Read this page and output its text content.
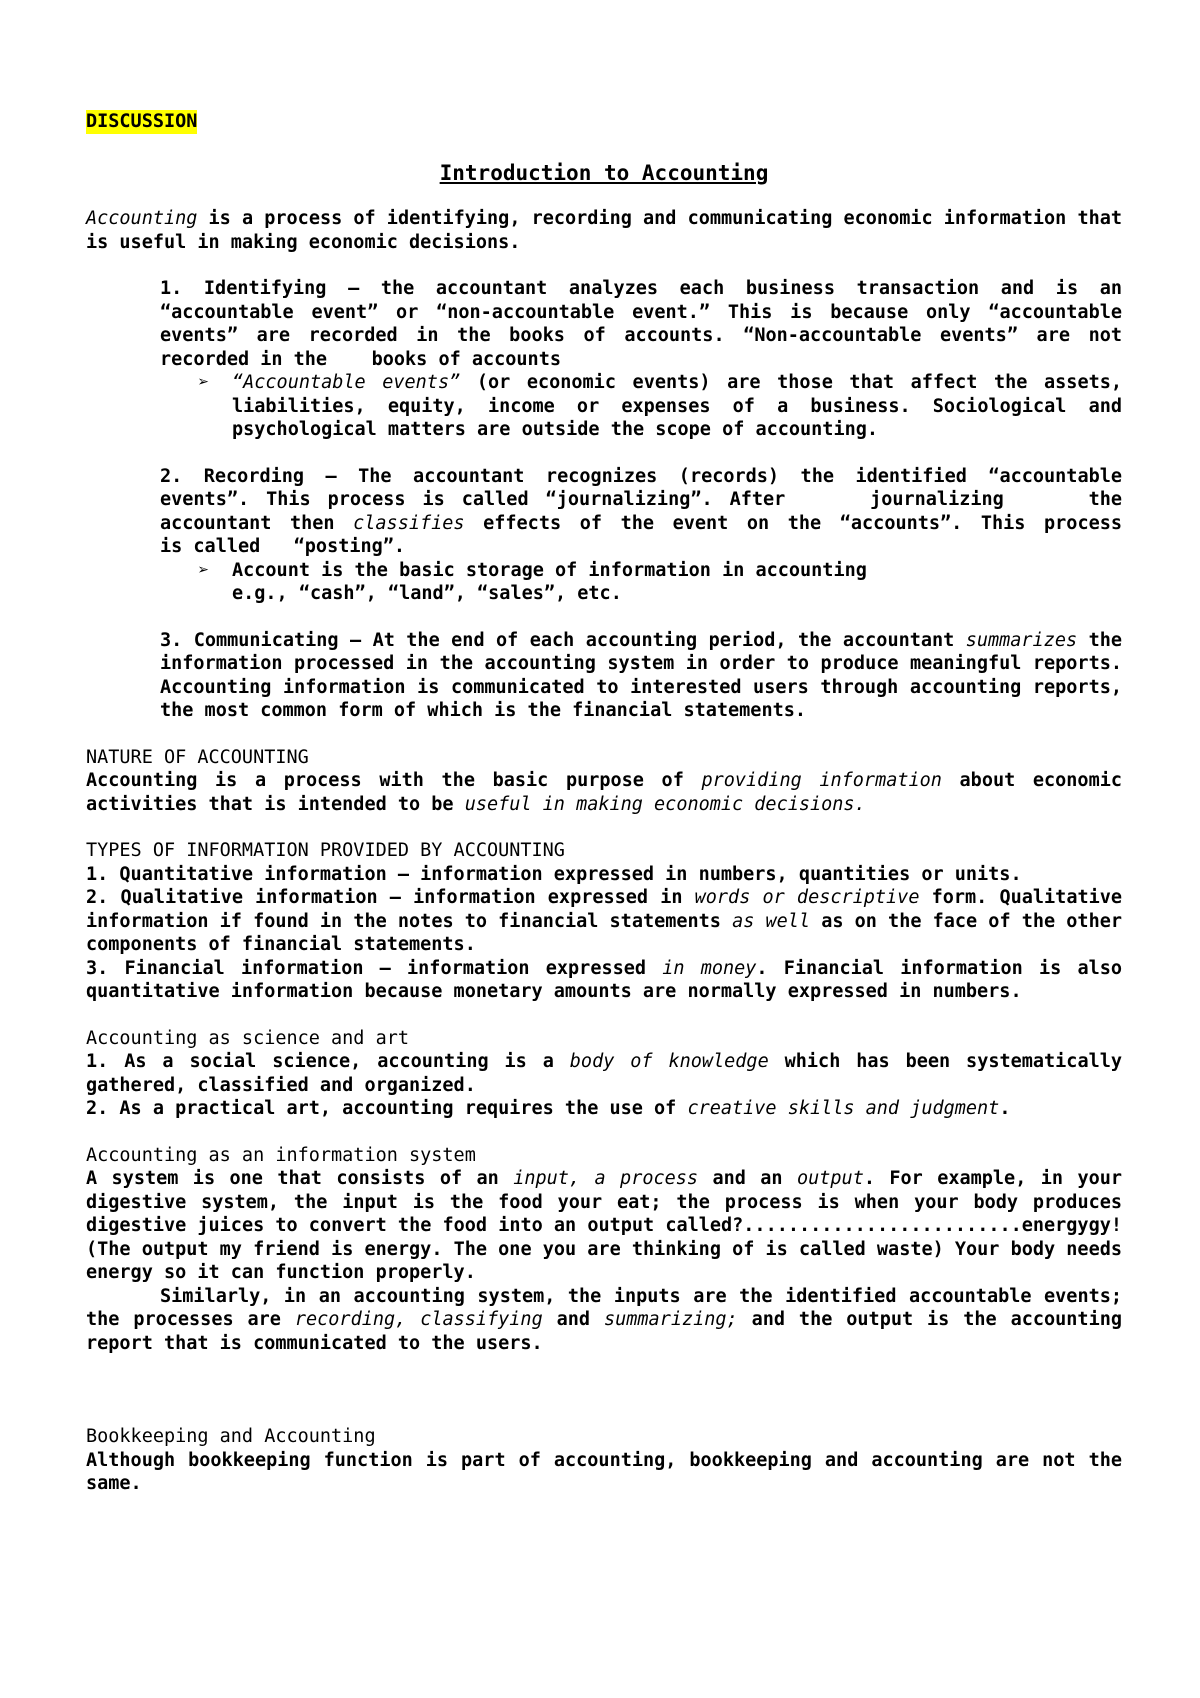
DISCUSSION
Introduction to Accounting

Accounting is a process of identifying, recording and communicating economic information that is useful in making economic decisions.

1. Identifying – the accountant analyzes each business transaction and is an

“accountable event” or “non-accountable event.” This is because only “accountable

events” are recorded in the books of accounts. “Non-accountable events” are not

recorded in the    books of accounts

➢ “Accountable events” (or economic events) are those that affect the assets, liabilities, equity, income or expenses of a business. Sociological and psychological matters are outside the scope of accounting.

2. Recording – The accountant recognizes (records) the identified “accountable

events”. This process is called “journalizing”. After     journalizing     the

accountant then classifies effects of the event on the “accounts”. This process

is called   “posting”.

➢ Account is the basic storage of information in accounting
e.g., “cash”, “land”, “sales”, etc.

3. Communicating – At the end of each accounting period, the accountant summarizes the information processed in the accounting system in order to produce meaningful reports. Accounting information is communicated to interested users through accounting reports, the most common form of which is the financial statements.

NATURE OF ACCOUNTING

Accounting is a process with the basic purpose of providing information about economic activities that is intended to be useful in making economic decisions.

TYPES OF INFORMATION PROVIDED BY ACCOUNTING

1. Quantitative information – information expressed in numbers, quantities or units.

2. Qualitative information – information expressed in words or descriptive form. Qualitative information if found in the notes to financial statements as well as on the face of the other components of financial statements.

3. Financial information – information expressed in money. Financial information is also quantitative information because monetary amounts are normally expressed in numbers.

Accounting as science and art

1. As a social science, accounting is a body of knowledge which has been systematically gathered, classified and organized.

2. As a practical art, accounting requires the use of creative skills and judgment.

Accounting as an information system

A system is one that consists of an input, a process and an output. For example, in your digestive system, the input is the food your eat; the process is when your body produces digestive juices to convert the food into an output called?.........................energygy! (The output my friend is energy. The one you are thinking of is called waste) Your body needs energy so it can function properly.

Similarly, in an accounting system, the inputs are the identified accountable events; the processes are recording, classifying and summarizing; and the output is the accounting report that is communicated to the users.

Bookkeeping and Accounting

Although bookkeeping function is part of accounting, bookkeeping and accounting are not the same.
